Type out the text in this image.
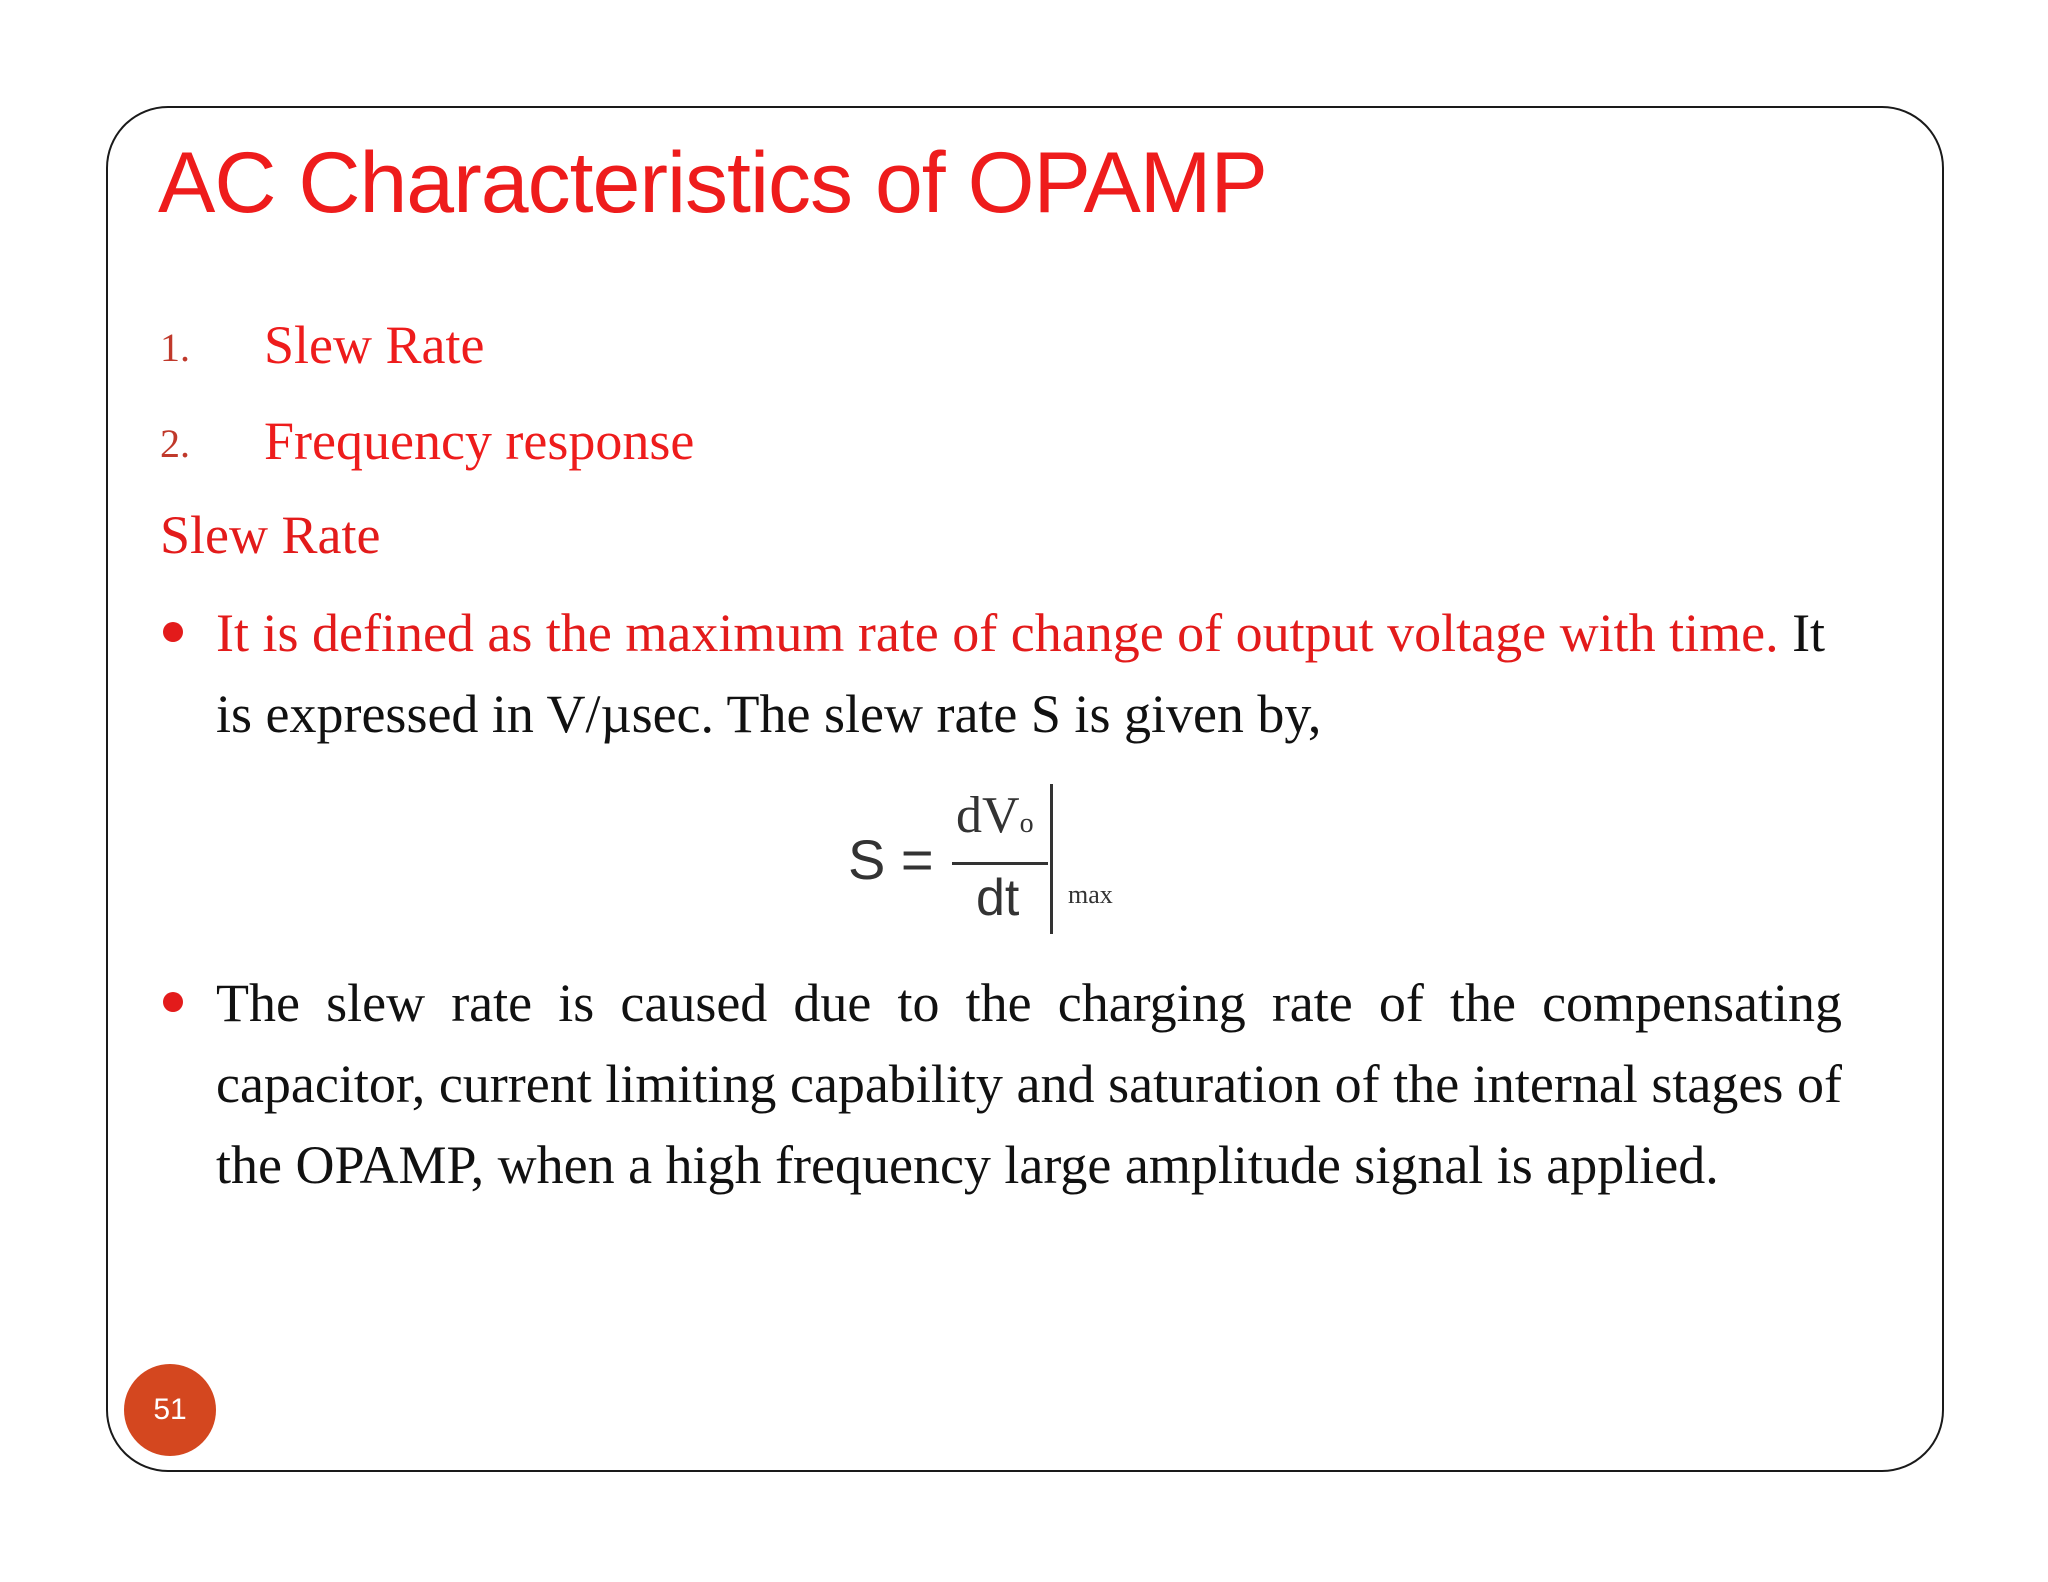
AC Characteristics of OPAMP
1. Slew Rate
2. Frequency response
Slew Rate
It is defined as the maximum rate of change of output voltage with time. It is expressed in V/µsec. The slew rate S is given by,
S =
dVo
dt max
The slew rate is caused due to the charging rate of the compensating capacitor, current limiting capability and saturation of the internal stages of the OPAMP, when a high frequency large amplitude signal is applied.
51
